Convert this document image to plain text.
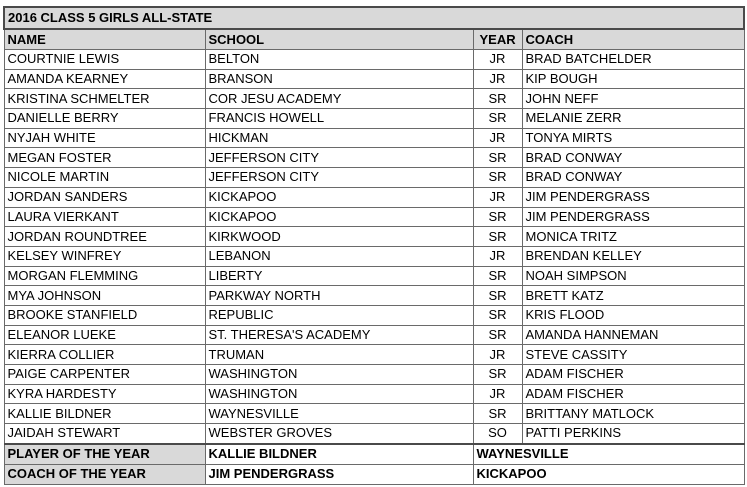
2016 CLASS 5 GIRLS ALL-STATE			
NAME	SCHOOL	YEAR	COACH
COURTNIE LEWIS	BELTON	JR	BRAD BATCHELDER
AMANDA KEARNEY	BRANSON	JR	KIP BOUGH
KRISTINA SCHMELTER	COR JESU ACADEMY	SR	JOHN NEFF
DANIELLE BERRY	FRANCIS HOWELL	SR	MELANIE ZERR
NYJAH WHITE	HICKMAN	JR	TONYA MIRTS
MEGAN FOSTER	JEFFERSON CITY	SR	BRAD CONWAY
NICOLE MARTIN	JEFFERSON CITY	SR	BRAD CONWAY
JORDAN SANDERS	KICKAPOO	JR	JIM PENDERGRASS
LAURA VIERKANT	KICKAPOO	SR	JIM PENDERGRASS
JORDAN ROUNDTREE	KIRKWOOD	SR	MONICA TRITZ
KELSEY WINFREY	LEBANON	JR	BRENDAN KELLEY
MORGAN FLEMMING	LIBERTY	SR	NOAH SIMPSON
MYA JOHNSON	PARKWAY NORTH	SR	BRETT KATZ
BROOKE STANFIELD	REPUBLIC	SR	KRIS FLOOD
ELEANOR LUEKE	ST. THERESA'S ACADEMY	SR	AMANDA HANNEMAN
KIERRA COLLIER	TRUMAN	JR	STEVE CASSITY
PAIGE CARPENTER	WASHINGTON	SR	ADAM FISCHER
KYRA HARDESTY	WASHINGTON	JR	ADAM FISCHER
KALLIE BILDNER	WAYNESVILLE	SR	BRITTANY MATLOCK
JAIDAH STEWART	WEBSTER GROVES	SO	PATTI PERKINS
PLAYER OF THE YEAR	KALLIE BILDNER	WAYNESVILLE	
COACH OF THE YEAR	JIM PENDERGRASS	KICKAPOO	
